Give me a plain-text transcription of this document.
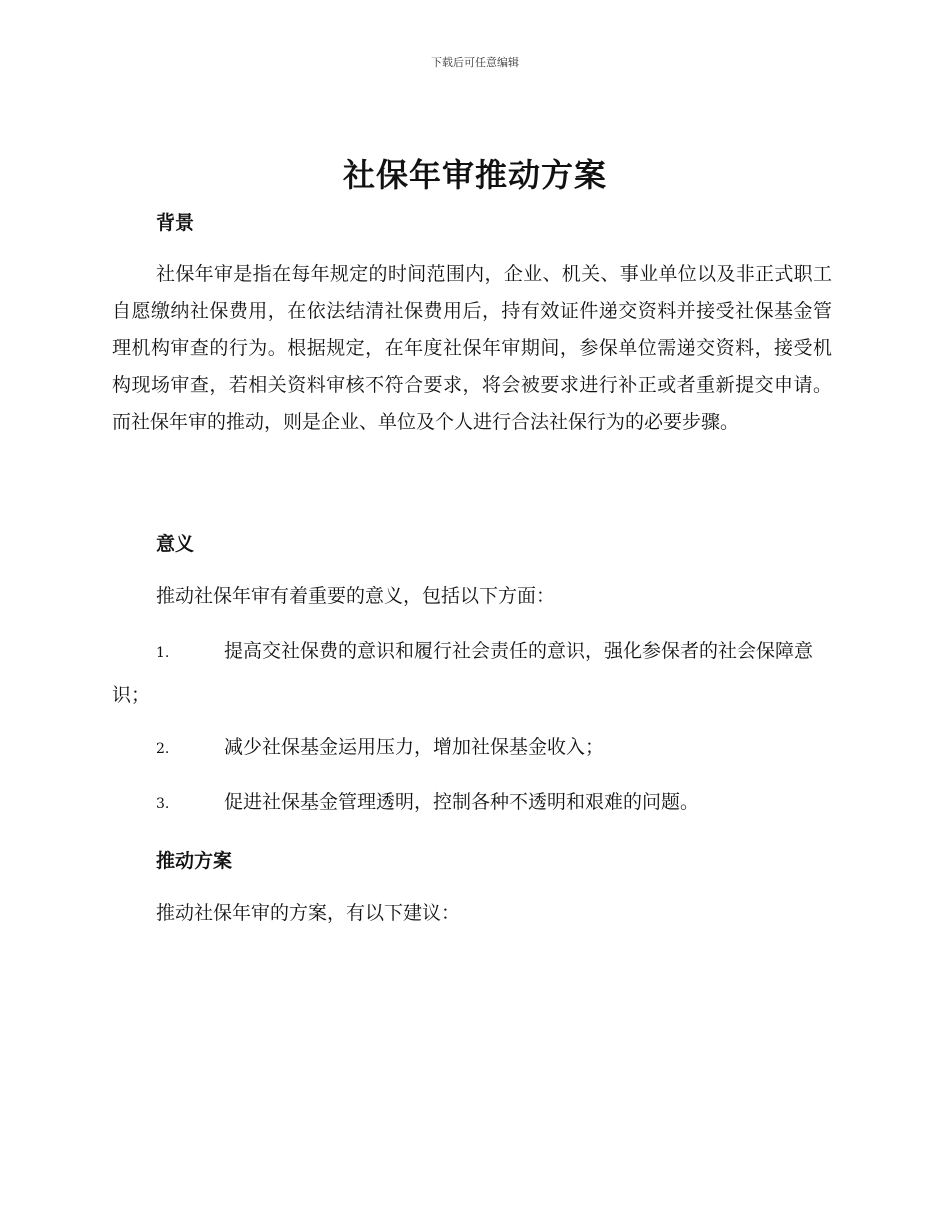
下载后可任意编辑
社保年审推动方案
背景

社保年审是指在每年规定的时间范围内，企业、机关、事业单位以及非正式职工自愿缴纳社保费用，在依法结清社保费用后，持有效证件递交资料并接受社保基金管理机构审查的行为。根据规定，在年度社保年审期间，参保单位需递交资料，接受机构现场审查，若相关资料审核不符合要求，将会被要求进行补正或者重新提交申请。而社保年审的推动，则是企业、单位及个人进行合法社保行为的必要步骤。

意义

推动社保年审有着重要的意义，包括以下方面：

1.	提高交社保费的意识和履行社会责任的意识，强化参保者的社会保障意识；
2.	减少社保基金运用压力，增加社保基金收入；
3.	促进社保基金管理透明，控制各种不透明和艰难的问题。
推动方案

推动社保年审的方案，有以下建议：
